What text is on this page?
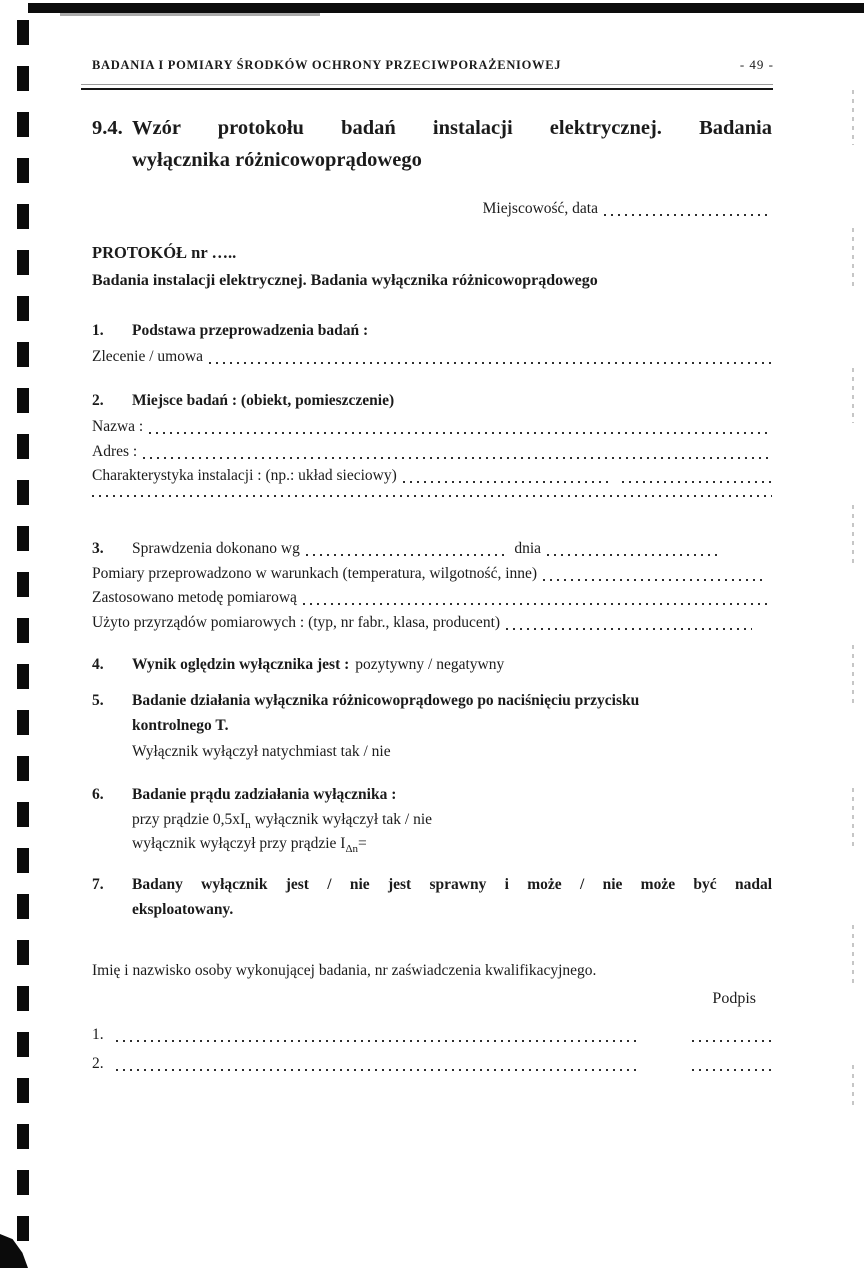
BADANIA I POMIARY ŚRODKÓW OCHRONY PRZECIWPORAŻENIOWEJ	- 49 -
9.4. Wzór protokołu badań instalacji elektrycznej. Badania
wyłącznika różnicowoprądowego
Miejscowość, data
PROTOKÓŁ nr …..
Badania instalacji elektrycznej. Badania wyłącznika różnicowoprądowego
1.	Podstawa przeprowadzenia badań :
Zlecenie / umowa
2.	Miejsce badań : (obiekt, pomieszczenie)
Nazwa :
Adres :
Charakterystyka instalacji : (np.: układ sieciowy)
3.	Sprawdzenia dokonano wg	dnia
Pomiary przeprowadzono w warunkach (temperatura, wilgotność, inne)
Zastosowano metodę pomiarową
Użyto przyrządów pomiarowych : (typ, nr fabr., klasa, producent)
4.	Wynik oględzin wyłącznika jest : pozytywny / negatywny
5.	Badanie działania wyłącznika różnicowoprądowego po naciśnięciu przycisku
kontrolnego T.
Wyłącznik wyłączył natychmiast tak / nie
6.	Badanie prądu zadziałania wyłącznika :
przy prądzie $0,5xI_n$ wyłącznik wyłączył tak / nie
wyłącznik wyłączył przy prądzie $I_{\Delta n}=$
7.	Badany wyłącznik jest / nie jest sprawny i może / nie może być nadal
eksploatowany.
Imię i nazwisko osoby wykonującej badania, nr zaświadczenia kwalifikacyjnego.
Podpis
1.
2.
